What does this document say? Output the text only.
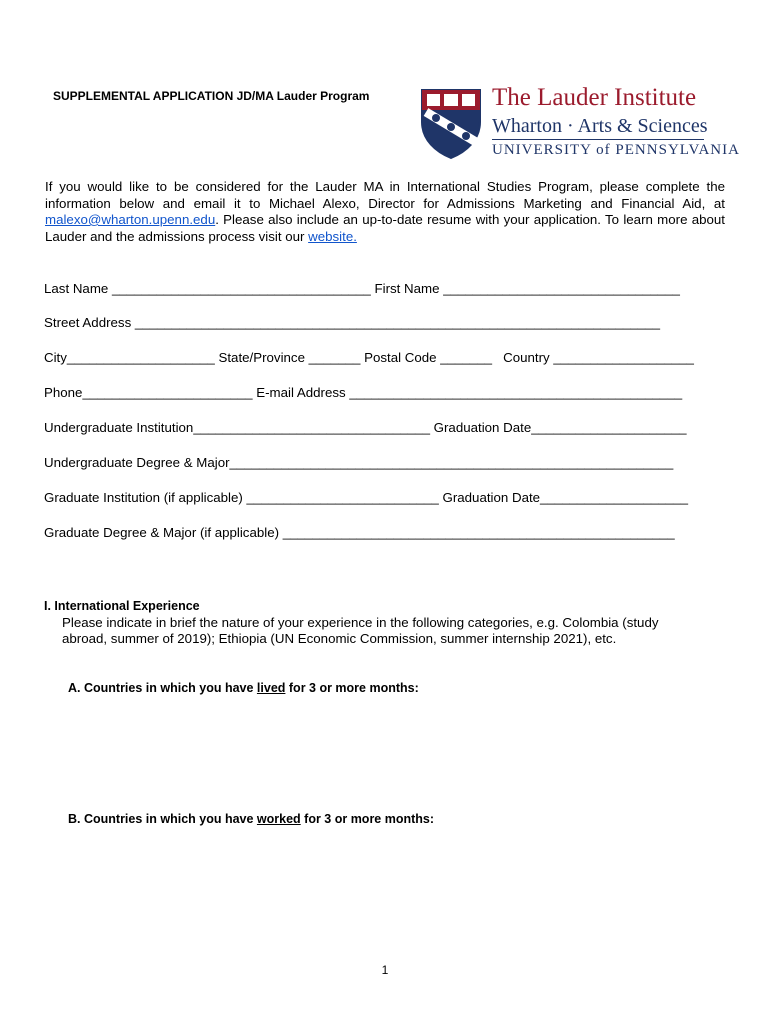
SUPPLEMENTAL APPLICATION JD/MA Lauder Program	The Lauder Institute
Wharton · Arts & Sciences
UNIVERSITY of PENNSYLVANIA
If you would like to be considered for the Lauder MA in International Studies Program, please complete the information below and email it to Michael Alexo, Director for Admissions Marketing and Financial Aid, at malexo@wharton.upenn.edu. Please also include an up-to-date resume with your application. To learn more about Lauder and the admissions process visit our website.
Last Name ___________________________________ First Name ________________________________
Street Address _______________________________________________________________________
City____________________ State/Province _______ Postal Code _______   Country ___________________
Phone_______________________ E-mail Address _____________________________________________
Undergraduate Institution________________________________ Graduation Date_____________________
Undergraduate Degree & Major____________________________________________________________
Graduate Institution (if applicable) __________________________ Graduation Date____________________
Graduate Degree & Major (if applicable) _____________________________________________________
I. International Experience
Please indicate in brief the nature of your experience in the following categories, e.g. Colombia (study abroad, summer of 2019); Ethiopia (UN Economic Commission, summer internship 2021), etc.
A. Countries in which you have lived for 3 or more months:
B. Countries in which you have worked for 3 or more months:
1
